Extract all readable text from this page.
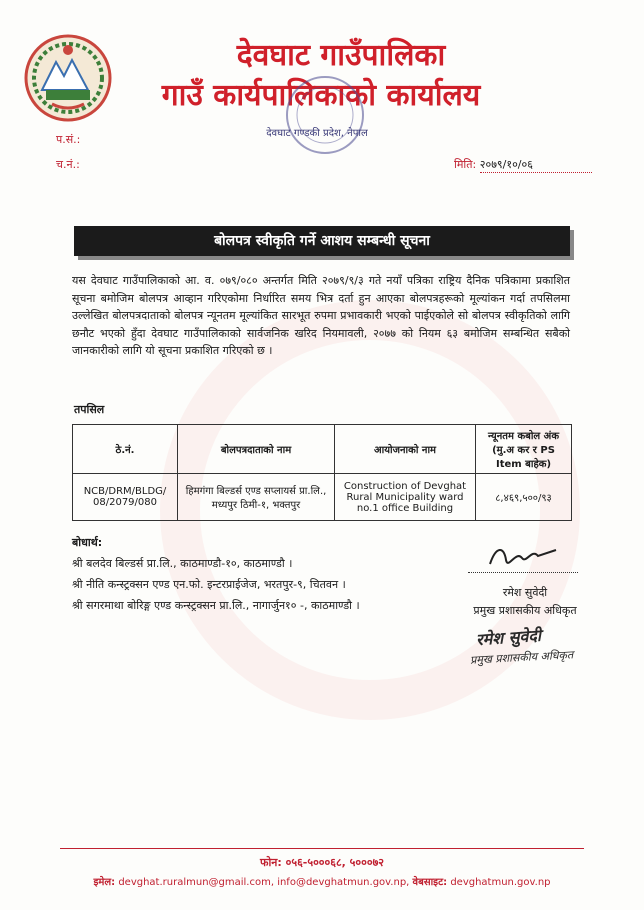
देवघाट गाउँपालिका
गाउँ कार्यपालिकाको कार्यालय
देवघाट गण्डकी प्रदेश, नेपाल
प.सं.:
च.नं.:	मिति: २०७९/१०/०६
बोलपत्र स्वीकृति गर्ने आशय सम्बन्धी सूचना
यस देवघाट गाउँपालिकाको आ. व. ०७९/०८० अन्तर्गत मिति २०७९/९/३ गते नयाँ पत्रिका राष्ट्रिय दैनिक पत्रिकामा प्रकाशित सूचना बमोजिम बोलपत्र आव्हान गरिएकोमा निर्धारित समय भित्र दर्ता हुन आएका बोलपत्रहरूको मूल्यांकन गर्दा तपसिलमा उल्लेखित बोलपत्रदाताको बोलपत्र न्यूनतम मूल्यांकित सारभूत रुपमा प्रभावकारी भएको पाईएकोले सो बोलपत्र स्वीकृतिको लागि छनौट भएको हुँदा देवघाट गाउँपालिकाको सार्वजनिक खरिद नियमावली, २०७७ को नियम ६३ बमोजिम सम्बन्धित सबैको जानकारीको लागि यो सूचना प्रकाशित गरिएको छ ।
तपसिल
ठे.नं.	बोलपत्रदाताको नाम	आयोजनाको नाम	न्यूनतम कबोल अंक (मु.अ कर र PS Item बाहेक)
NCB/DRM/BLDG/ 08/2079/080	हिमगंगा बिल्डर्स एण्ड सप्लायर्स प्रा.लि., मध्यपुर ठिमी-१, भक्तपुर	Construction of Devghat Rural Municipality ward no.1 office Building	८,४६९,५००/९३
बोधार्थ:
श्री बलदेव बिल्डर्स प्रा.लि., काठमाण्डौ-१०, काठमाण्डौ ।
श्री नीति कन्स्ट्रक्सन एण्ड एन.फो. इन्टरप्राईजेज, भरतपुर-९, चितवन ।
श्री सगरमाथा बोरिङ्ग एण्ड कन्स्ट्रक्सन प्रा.लि., नागार्जुन१० -, काठमाण्डौ ।
रमेश सुवेदी
प्रमुख प्रशासकीय अधिकृत
रमेश सुवेदी
प्रमुख प्रशासकीय अधिकृत
फोन: ०५६-५०००६८, ५०००७२
इमेल: devghat.ruralmun@gmail.com, info@devghatmun.gov.np, वेबसाइट: devghatmun.gov.np
